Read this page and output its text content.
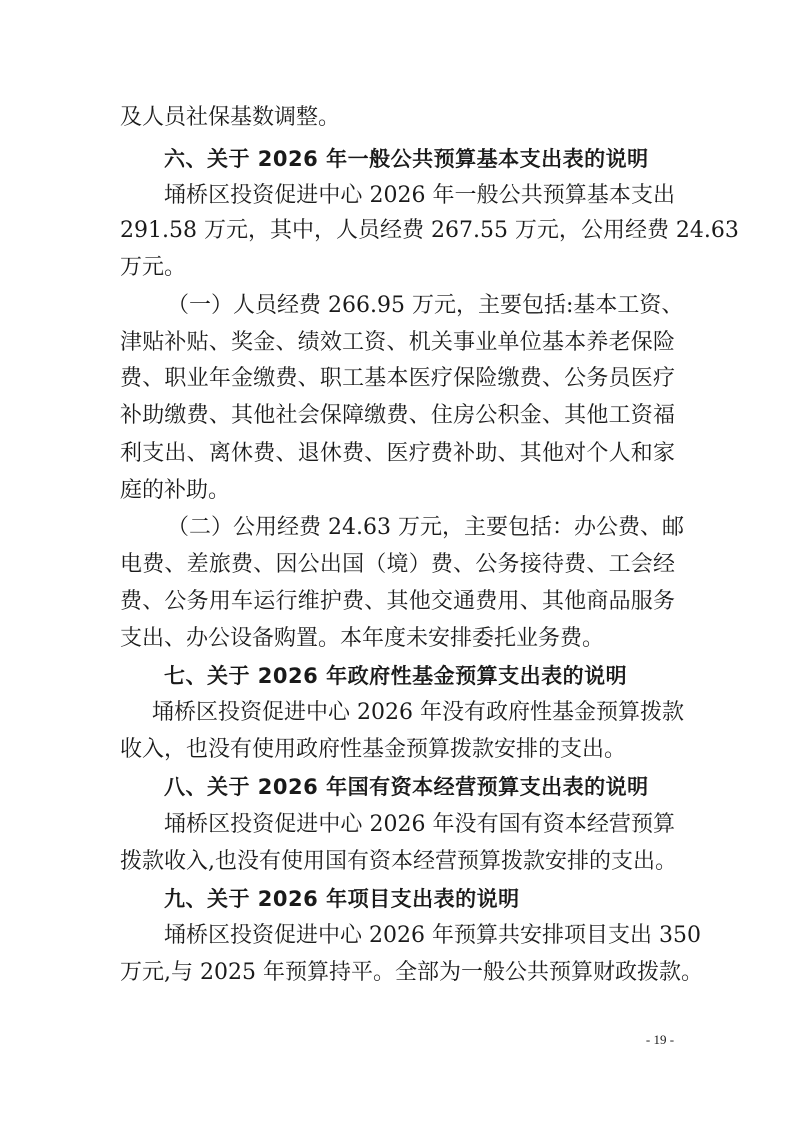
及人员社保基数调整。
六、关于 2026 年一般公共预算基本支出表的说明
埇桥区投资促进中心 2026 年一般公共预算基本支出
291.58 万元，其中，人员经费 267.55 万元，公用经费 24.63
万元。
（一）人员经费 266.95 万元，主要包括:基本工资、
津贴补贴、奖金、绩效工资、机关事业单位基本养老保险
费、职业年金缴费、职工基本医疗保险缴费、公务员医疗
补助缴费、其他社会保障缴费、住房公积金、其他工资福
利支出、离休费、退休费、医疗费补助、其他对个人和家
庭的补助。
（二）公用经费 24.63 万元，主要包括：办公费、邮
电费、差旅费、因公出国（境）费、公务接待费、工会经
费、公务用车运行维护费、其他交通费用、其他商品服务
支出、办公设备购置。本年度未安排委托业务费。
七、关于 2026 年政府性基金预算支出表的说明
埇桥区投资促进中心 2026 年没有政府性基金预算拨款
收入，也没有使用政府性基金预算拨款安排的支出。
八、关于 2026 年国有资本经营预算支出表的说明
埇桥区投资促进中心 2026 年没有国有资本经营预算
拨款收入,也没有使用国有资本经营预算拨款安排的支出。
九、关于 2026 年项目支出表的说明
埇桥区投资促进中心 2026 年预算共安排项目支出 350
万元,与 2025 年预算持平。全部为一般公共预算财政拨款。
- 19 -
